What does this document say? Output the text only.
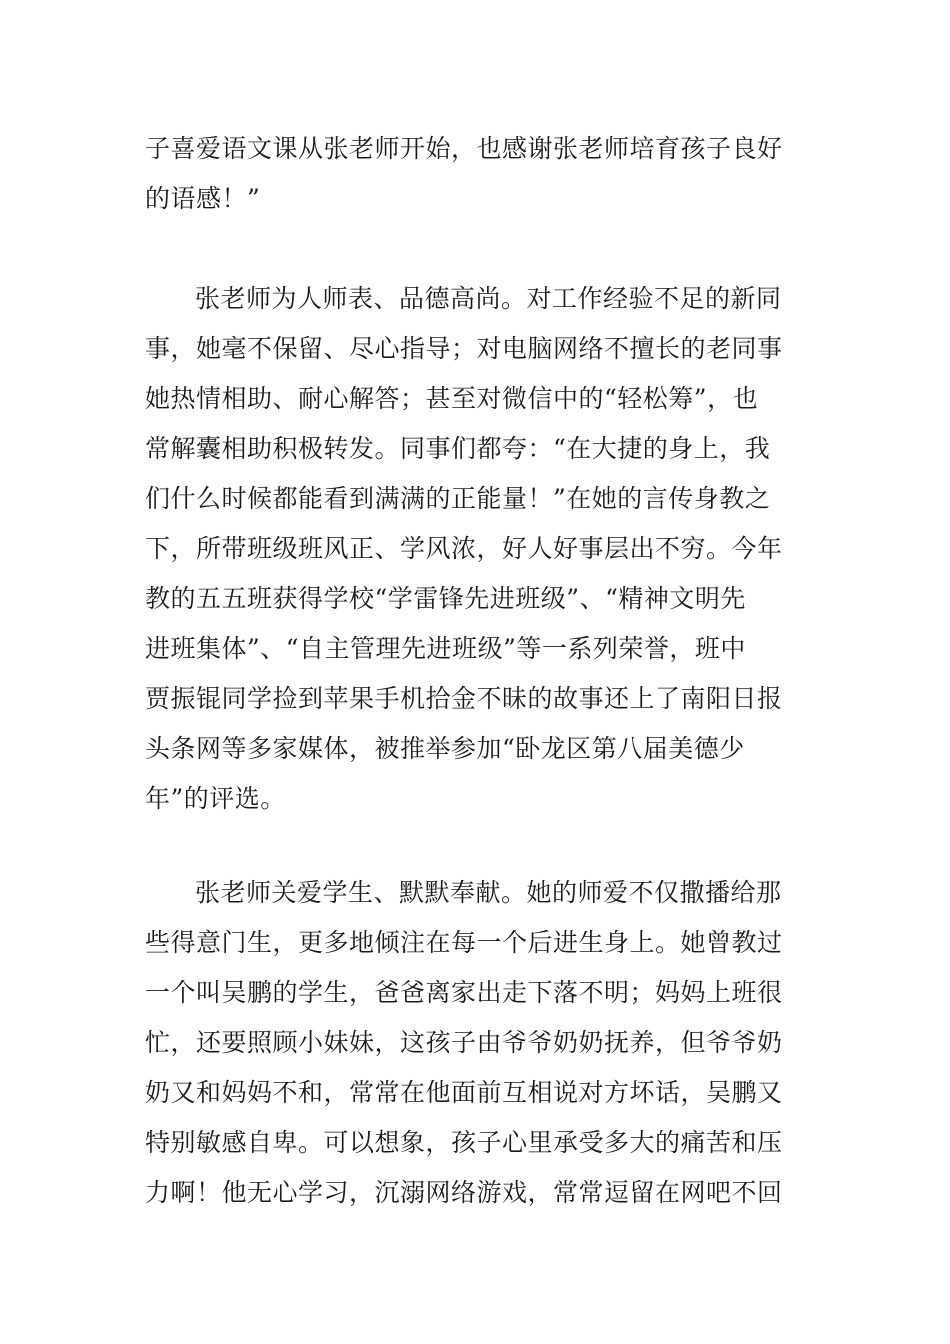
子喜爱语文课从张老师开始，也感谢张老师培育孩子良好
的语感！”
张老师为人师表、品德高尚。对工作经验不足的新同
事，她毫不保留、尽心指导；对电脑网络不擅长的老同事
她热情相助、耐心解答；甚至对微信中的“轻松筹”，也
常解囊相助积极转发。同事们都夸：“在大捷的身上，我
们什么时候都能看到满满的正能量！”在她的言传身教之
下，所带班级班风正、学风浓，好人好事层出不穷。今年
教的五五班获得学校“学雷锋先进班级”、“精神文明先
进班集体”、“自主管理先进班级”等一系列荣誉，班中
贾振锟同学捡到苹果手机拾金不昧的故事还上了南阳日报
头条网等多家媒体，被推举参加“卧龙区第八届美德少
年”的评选。
张老师关爱学生、默默奉献。她的师爱不仅撒播给那
些得意门生，更多地倾注在每一个后进生身上。她曾教过
一个叫吴鹏的学生，爸爸离家出走下落不明；妈妈上班很
忙，还要照顾小妹妹，这孩子由爷爷奶奶抚养，但爷爷奶
奶又和妈妈不和，常常在他面前互相说对方坏话，吴鹏又
特别敏感自卑。可以想象，孩子心里承受多大的痛苦和压
力啊！他无心学习，沉溺网络游戏，常常逗留在网吧不回
